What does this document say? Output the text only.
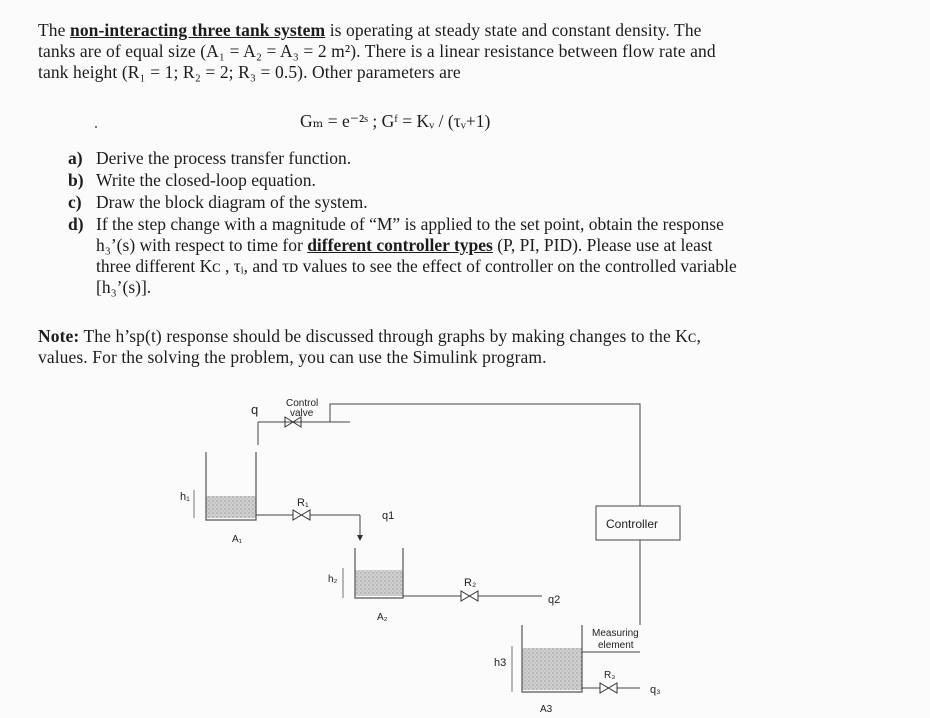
The non-interacting three tank system is operating at steady state and constant density. The
tanks are of equal size (A₁ = A₂ = A₃ = 2 m²). There is a linear resistance between flow rate and
tank height (R₁ = 1; R₂ = 2; R₃ = 0.5). Other parameters are
Gₘ = e⁻²ˢ ; Gᶠ = Kᵥ / (τᵥ+1)
a) Derive the process transfer function.
b) Write the closed-loop equation.
c) Draw the block diagram of the system.
d) If the step change with a magnitude of “M” is applied to the set point, obtain the response
h₃’(s) with respect to time for different controller types (P, PI, PID). Please use at least
three different Kᴄ , τᵢ, and τᴅ values to see the effect of controller on the controlled variable
[h₃’(s)].
Note: The h’sp(t) response should be discussed through graphs by making changes to the Kᴄ,
values. For the solving the problem, you can use the Simulink program.
q	Control
valve
h₁
A₁
R₁
q1
h₂
A₂
R₂
q2
h3
A3
R₃
q₃
Measuring
element
Controller
